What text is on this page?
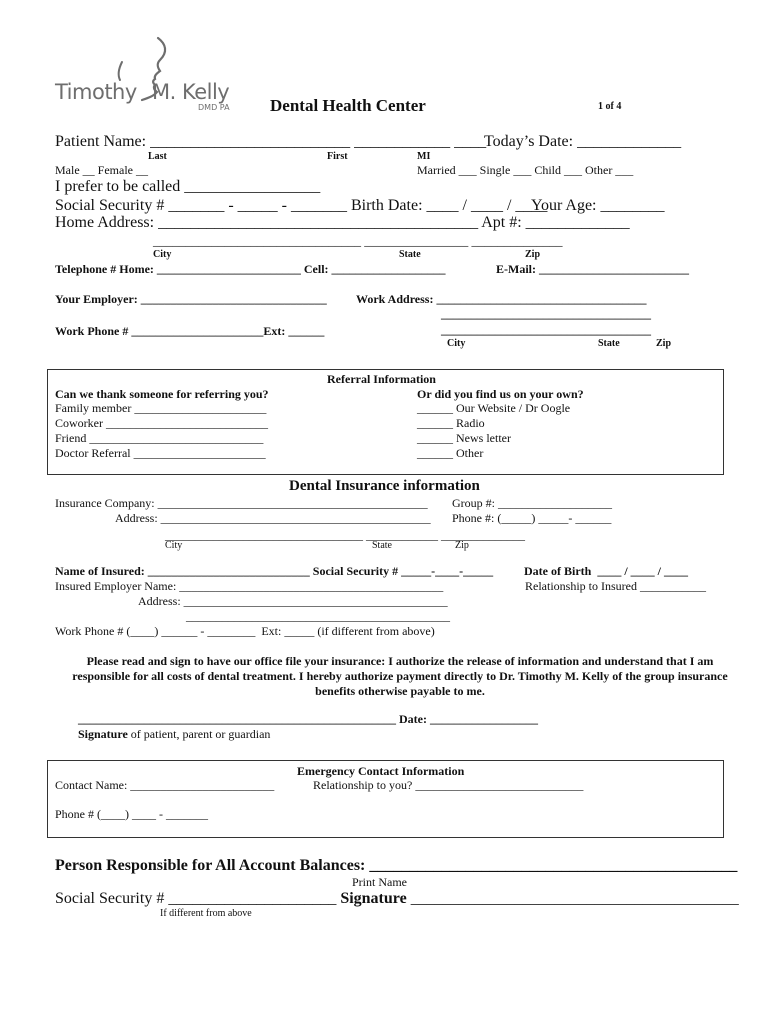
Timothy M. Kelly
DMD PA Dental Health Center	1 of 4
Patient Name: _________________________ ____________ ____
Today’s Date: _____________
Last	First	MI
Male __ Female __	Married ___ Single ___ Child ___ Other ___
I prefer to be called _________________
Social Security # _______ - _____ - _______ Birth Date: ____ / ____ / ____
Your Age: ________
Home Address: ________________________________________ Apt #: _____________
________________________________ ________________ ______________
City	State	Zip
Telephone # Home: ________________________ Cell: ___________________	E-Mail: _________________________
Your Employer: _______________________________ Work Address: ___________________________________
___________________________________
___________________________________
Work Phone # ______________________Ext: ______
City	State	Zip
Referral Information
Can we thank someone for referring you?	Or did you find us on your own?
Family member ______________________
Coworker ___________________________
Friend _____________________________
Doctor Referral ______________________
______ Our Website / Dr Oogle
______ Radio
______ News letter
______ Other
Dental Insurance information
Insurance Company: _____________________________________________ Group #: ___________________
Address: _____________________________________________ Phone #: (_____) _____- ______
_________________________________ ____________ ______________
City	State	Zip
Name of Insured: ___________________________ Social Security # _____-____-_____	Date of Birth  ____ / ____ / ____
Insured Employer Name: ____________________________________________	Relationship to Insured ___________
Address: ____________________________________________
____________________________________________
Work Phone # (____) ______ - ________  Ext: _____ (if different from above)
Please read and sign to have our office file your insurance: I authorize the release of information and understand that I am responsible for all costs of dental treatment. I hereby authorize payment directly to Dr. Timothy M. Kelly of the group insurance benefits otherwise payable to me.
_____________________________________________________ Date: __________________
Signature of patient, parent or guardian
Emergency Contact Information
Contact Name: ________________________	Relationship to you? ____________________________
Phone # (____) ____ - _______
Person Responsible for All Account Balances: ______________________________________________
Print Name
Social Security # _____________________ Signature _________________________________________
If different from above
